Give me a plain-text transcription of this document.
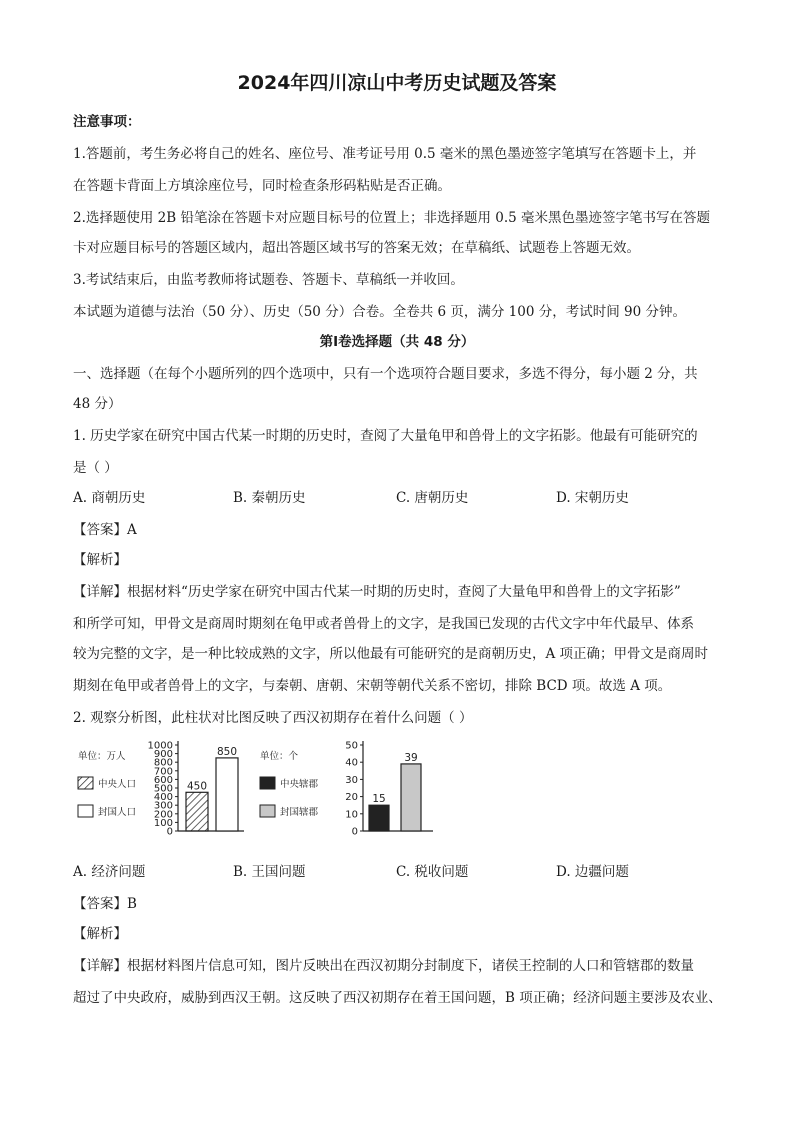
2024年四川凉山中考历史试题及答案
注意事项：
1.答题前，考生务必将自己的姓名、座位号、准考证号用 0.5 毫米的黑色墨迹签字笔填写在答题卡上，并
在答题卡背面上方填涂座位号，同时检查条形码粘贴是否正确。
2.选择题使用 2B 铅笔涂在答题卡对应题目标号的位置上；非选择题用 0.5 毫米黑色墨迹签字笔书写在答题
卡对应题目标号的答题区域内，超出答题区域书写的答案无效；在草稿纸、试题卷上答题无效。
3.考试结束后，由监考教师将试题卷、答题卡、草稿纸一并收回。
本试题为道德与法治（50 分）、历史（50 分）合卷。全卷共 6 页，满分 100 分，考试时间 90 分钟。
第Ⅰ卷选择题（共 48 分）
一、选择题（在每个小题所列的四个选项中，只有一个选项符合题目要求，多选不得分，每小题 2 分，共
48 分）
1. 历史学家在研究中国古代某一时期的历史时，查阅了大量龟甲和兽骨上的文字拓影。他最有可能研究的
是（ ）
A. 商朝历史	B. 秦朝历史	C. 唐朝历史	D. 宋朝历史
【答案】A
【解析】
【详解】根据材料“历史学家在研究中国古代某一时期的历史时，查阅了大量龟甲和兽骨上的文字拓影”
和所学可知，甲骨文是商周时期刻在龟甲或者兽骨上的文字，是我国已发现的古代文字中年代最早、体系
较为完整的文字，是一种比较成熟的文字，所以他最有可能研究的是商朝历史，A 项正确；甲骨文是商周时
期刻在龟甲或者兽骨上的文字，与秦朝、唐朝、宋朝等朝代关系不密切，排除 BCD 项。故选 A 项。
2. 观察分析图，此柱状对比图反映了西汉初期存在着什么问题（ ）
单位：万人
中央人口
封国人口
0
100
200
300
400
500
600
700
800
900
1000
450
850 单位：个
中央辖郡
封国辖郡
0
10
20
30
40
50
15
39
A. 经济问题	B. 王国问题	C. 税收问题	D. 边疆问题
【答案】B
【解析】
【详解】根据材料图片信息可知，图片反映出在西汉初期分封制度下，诸侯王控制的人口和管辖郡的数量
超过了中央政府，威胁到西汉王朝。这反映了西汉初期存在着王国问题，B 项正确；经济问题主要涉及农业、
